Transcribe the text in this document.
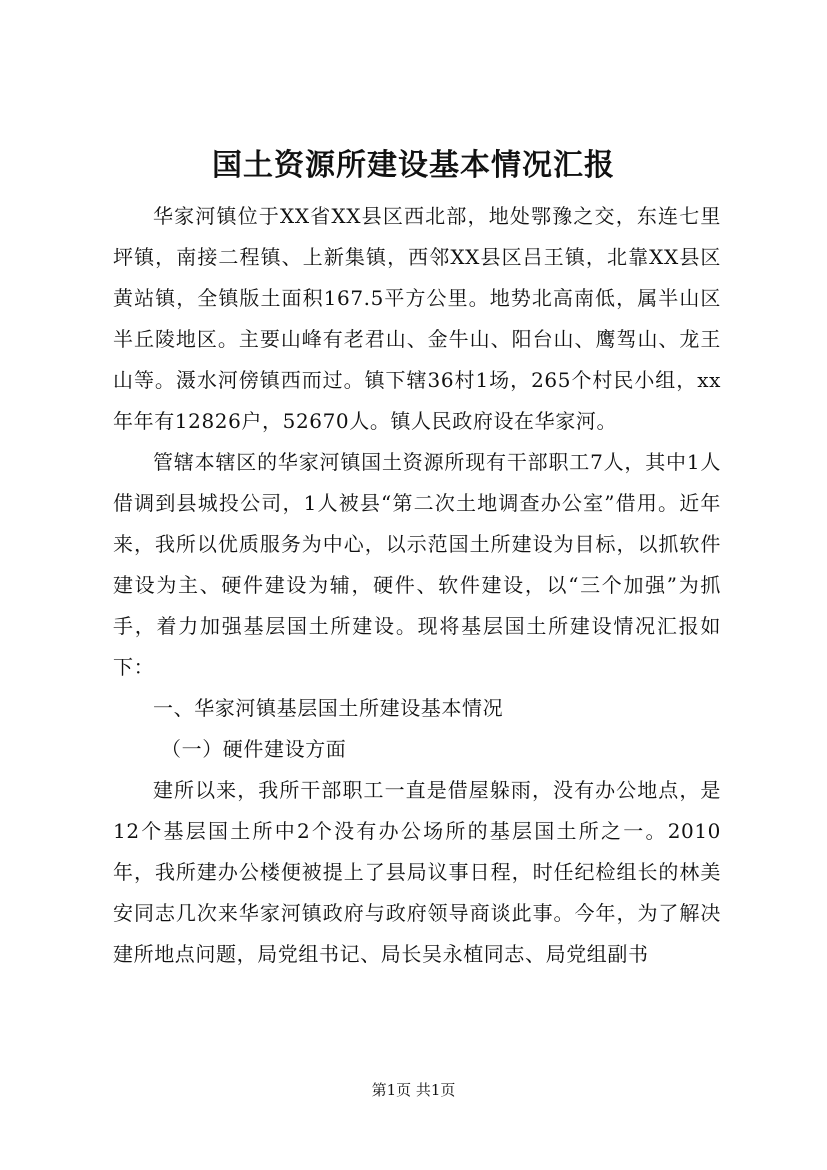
国土资源所建设基本情况汇报

华家河镇位于XX省XX县区西北部，地处鄂豫之交，东连七里坪镇，南接二程镇、上新集镇，西邻XX县区吕王镇，北靠XX县区黄站镇，全镇版土面积167.5平方公里。地势北高南低，属半山区半丘陵地区。主要山峰有老君山、金牛山、阳台山、鹰驾山、龙王山等。滠水河傍镇西而过。镇下辖36村1场，265个村民小组，xx年年有12826户，52670人。镇人民政府设在华家河。

管辖本辖区的华家河镇国土资源所现有干部职工7人，其中1人借调到县城投公司，1人被县“第二次土地调查办公室”借用。近年来，我所以优质服务为中心，以示范国土所建设为目标，以抓软件建设为主、硬件建设为辅，硬件、软件建设，以“三个加强”为抓手，着力加强基层国土所建设。现将基层国土所建设情况汇报如下：

一、华家河镇基层国土所建设基本情况

（一）硬件建设方面

建所以来，我所干部职工一直是借屋躲雨，没有办公地点，是12个基层国土所中2个没有办公场所的基层国土所之一。2010年，我所建办公楼便被提上了县局议事日程，时任纪检组长的林美安同志几次来华家河镇政府与政府领导商谈此事。今年，为了解决建所地点问题，局党组书记、局长吴永植同志、局党组副书

第1页 共1页
